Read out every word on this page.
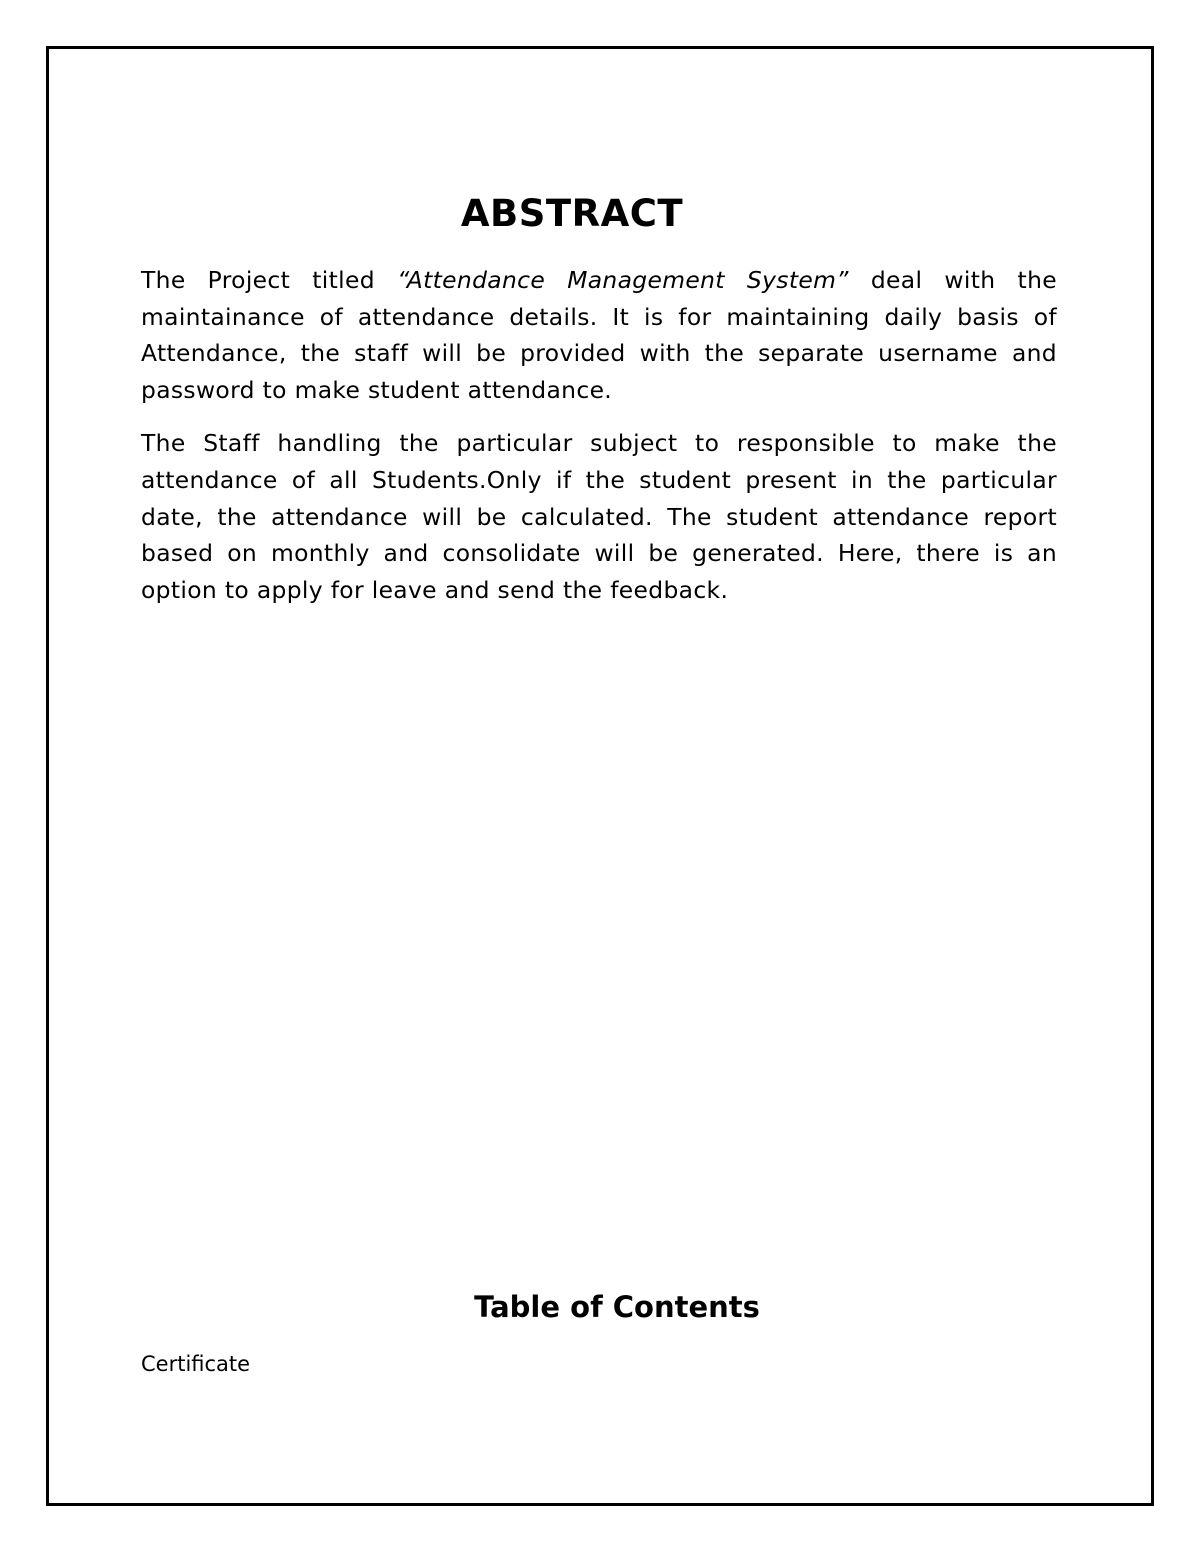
ABSTRACT

The Project titled “Attendance Management System” deal with the maintainance of attendance details. It is for maintaining daily basis of Attendance, the staff will be provided with the separate username and password to make student attendance.

The Staff handling the particular subject to responsible to make the attendance of all Students.Only if the student present in the particular date, the attendance will be calculated. The student attendance report based on monthly and consolidate will be generated. Here, there is an option to apply for leave and send the feedback.

Table of Contents
Certificate
